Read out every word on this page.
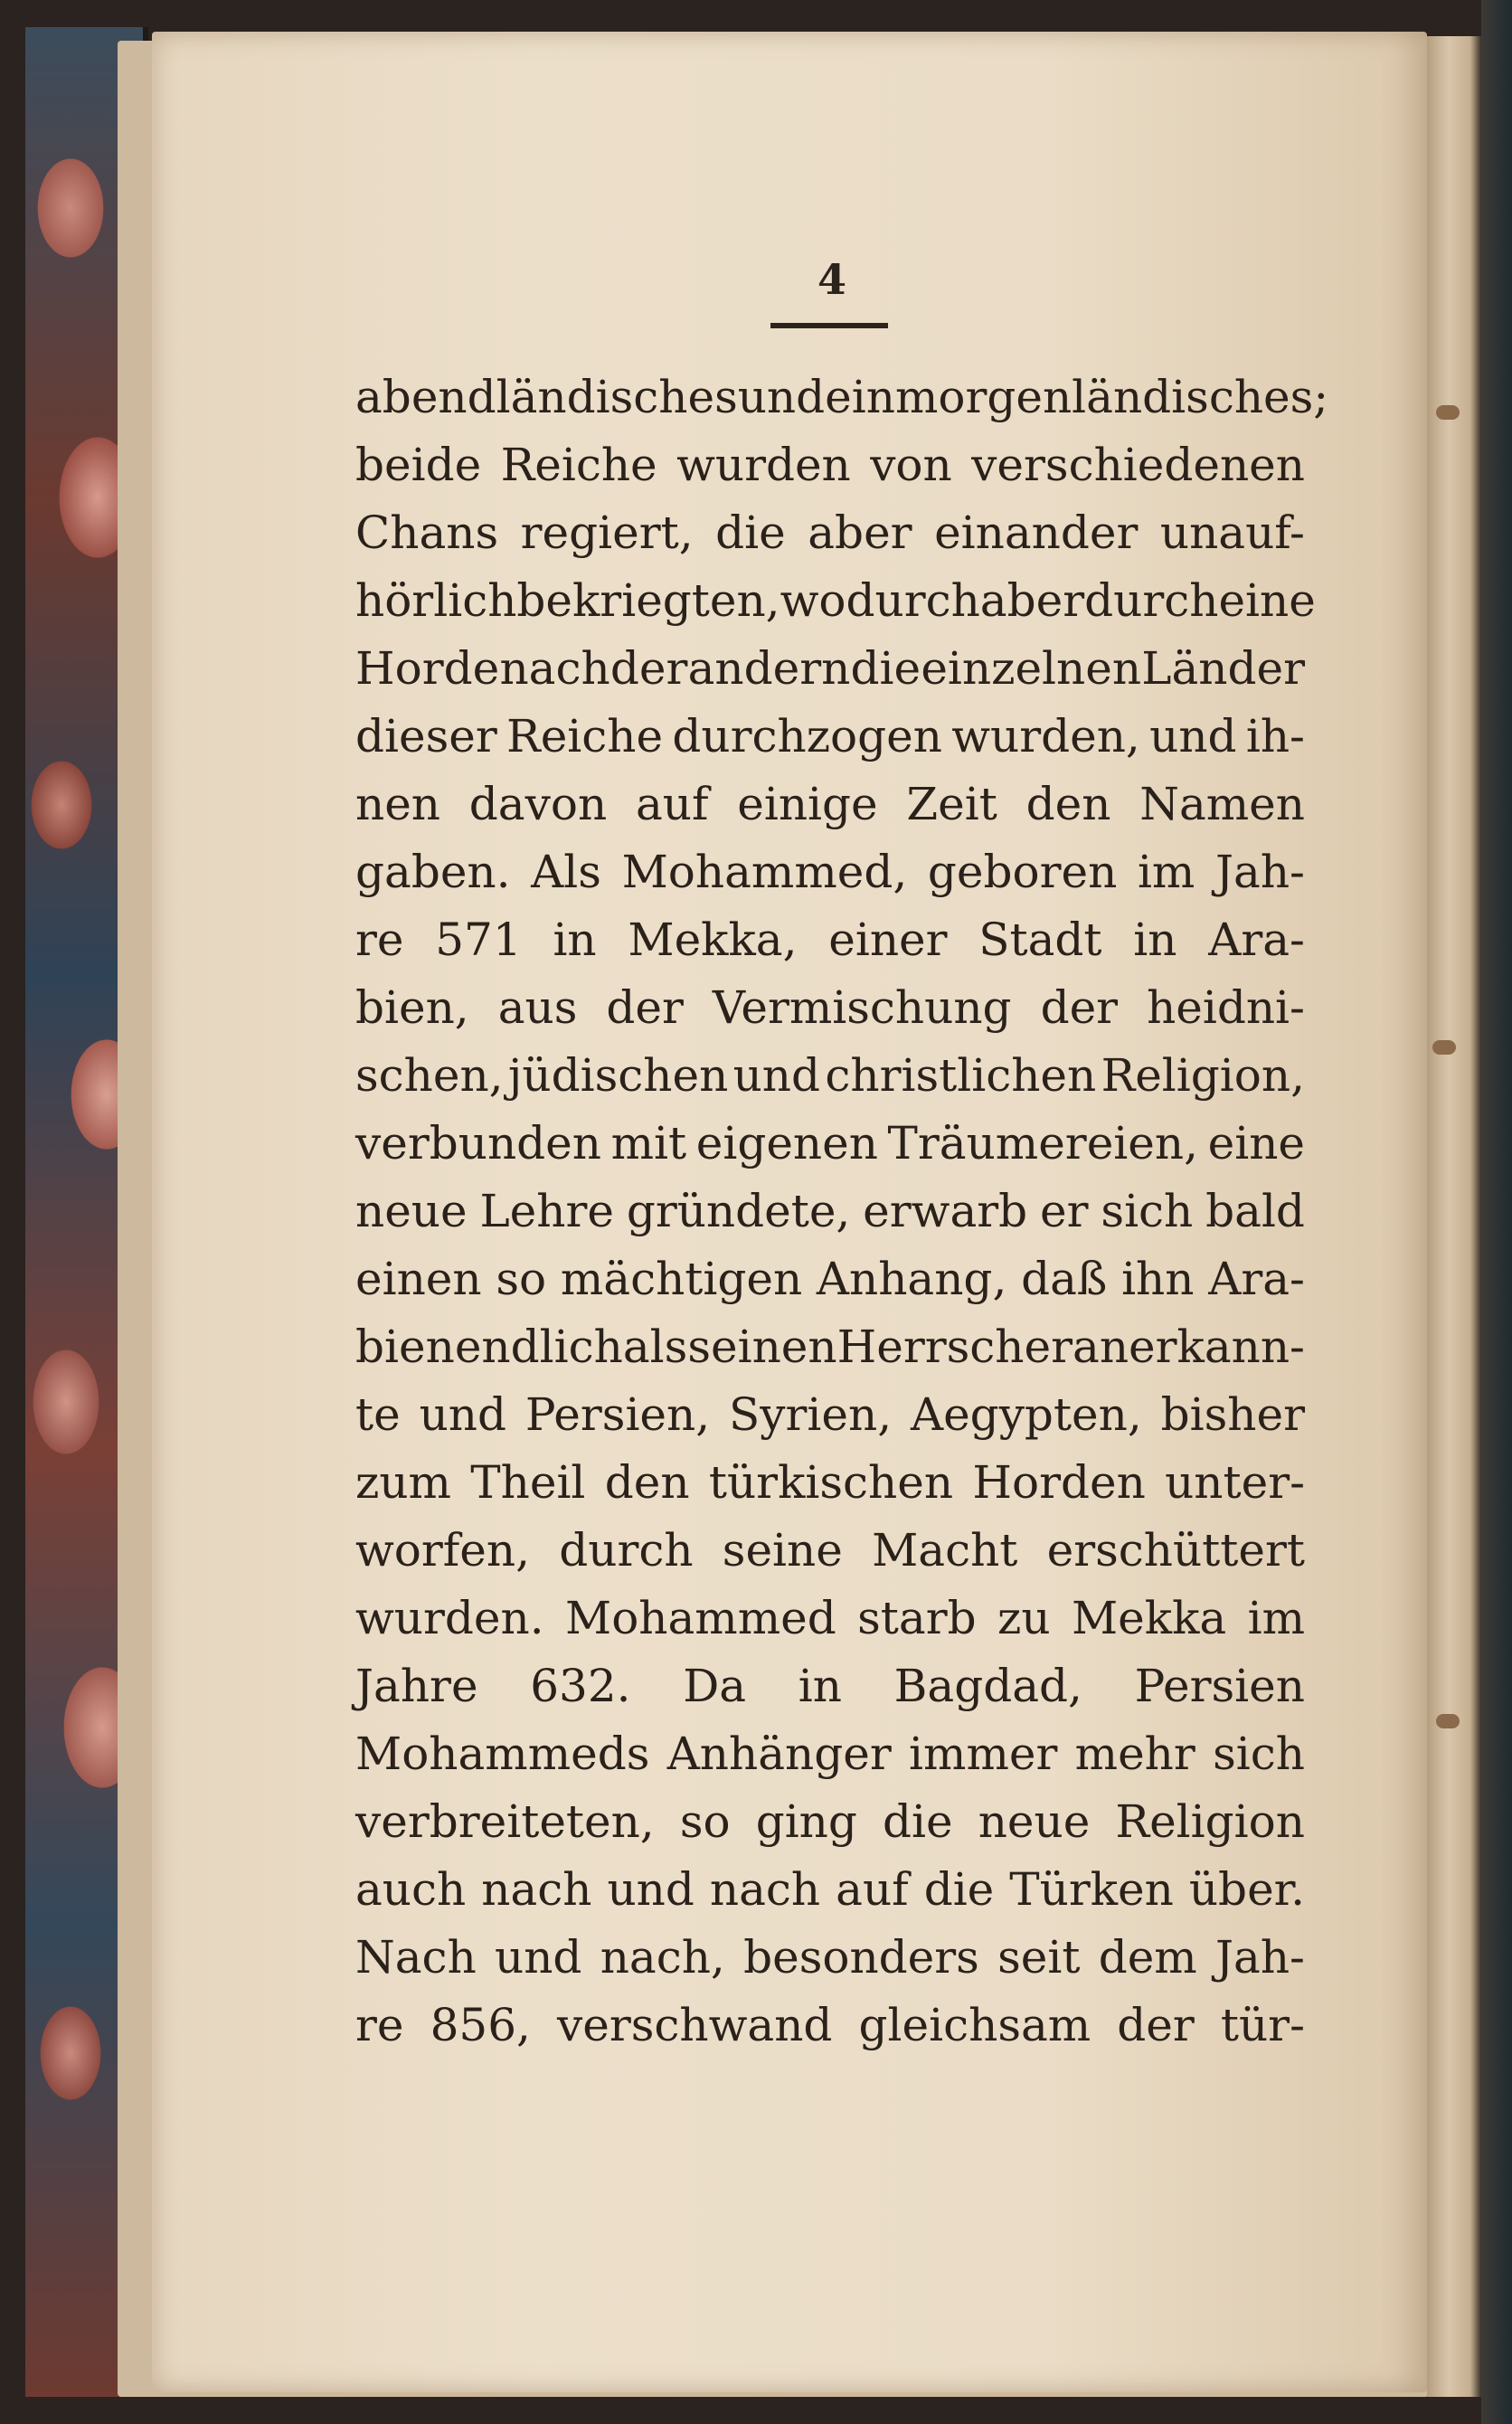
4
abendländisches und ein morgenländisches;
beide Reiche wurden von verschiedenen
Chans regiert, die aber einander unauf-
hörlich bekriegten, wodurch aber durch eine
Horde nach der andern die einzelnen Länder
dieser Reiche durchzogen wurden, und ih-
nen davon auf einige Zeit den Namen
gaben. Als Mohammed, geboren im Jah-
re 571 in Mekka, einer Stadt in Ara-
bien, aus der Vermischung der heidni-
schen, jüdischen und christlichen Religion,
verbunden mit eigenen Träumereien, eine
neue Lehre gründete, erwarb er sich bald
einen so mächtigen Anhang, daß ihn Ara-
bien endlich als seinen Herrscher anerkann-
te und Persien, Syrien, Aegypten, bisher
zum Theil den türkischen Horden unter-
worfen, durch seine Macht erschüttert
wurden. Mohammed starb zu Mekka im
Jahre 632. Da in Bagdad, Persien
Mohammeds Anhänger immer mehr sich
verbreiteten, so ging die neue Religion
auch nach und nach auf die Türken über.
Nach und nach, besonders seit dem Jah-
re 856, verschwand gleichsam der tür-
